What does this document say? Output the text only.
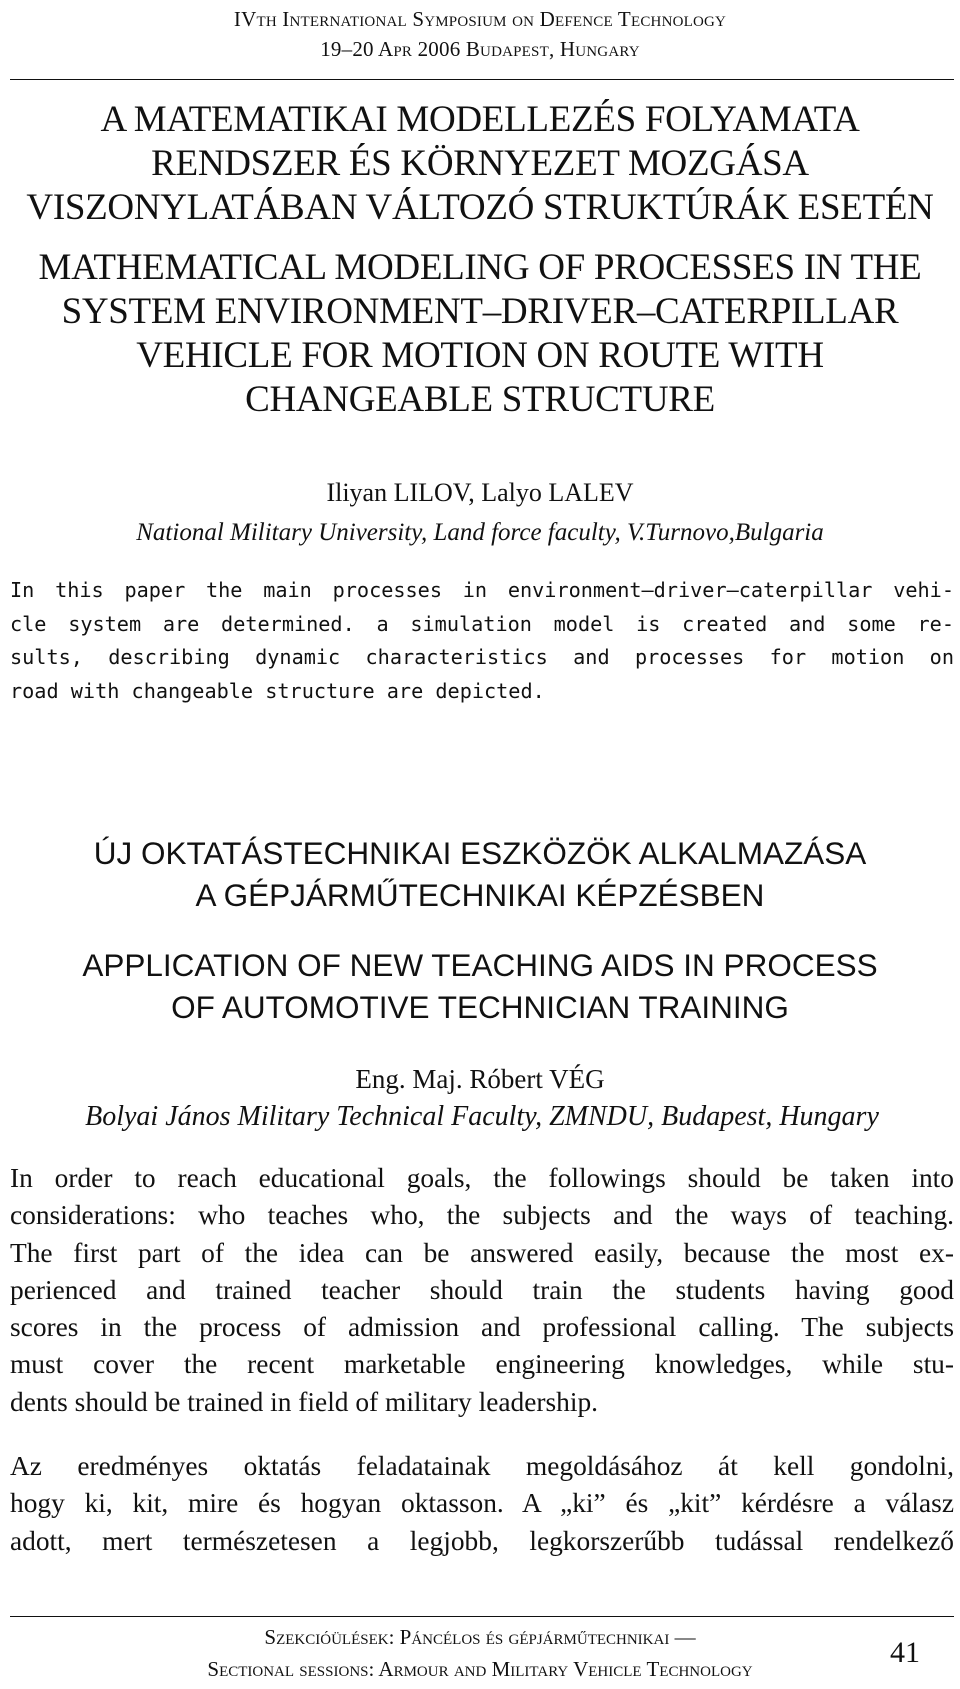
IVth International Symposium on Defence Technology
19–20 Apr 2006 Budapest, Hungary
A MATEMATIKAI MODELLEZÉS FOLYAMATA
RENDSZER ÉS KÖRNYEZET MOZGÁSA
VISZONYLATÁBAN VÁLTOZÓ STRUKTÚRÁK ESETÉN
MATHEMATICAL MODELING OF PROCESSES IN THE
SYSTEM ENVIRONMENT–DRIVER–CATERPILLAR
VEHICLE FOR MOTION ON ROUTE WITH
CHANGEABLE STRUCTURE
Iliyan LILOV, Lalyo LALEV
National Military University, Land force faculty, V.Turnovo,Bulgaria

In this paper the main processes in environment–driver–caterpillar vehi-
cle system are determined. a simulation model is created and some re-
sults, describing dynamic characteristics and processes for motion on
road with changeable structure are depicted.

ÚJ OKTATÁSTECHNIKAI ESZKÖZÖK ALKALMAZÁSA
A GÉPJÁRMŰTECHNIKAI KÉPZÉSBEN
APPLICATION OF NEW TEACHING AIDS IN PROCESS
OF AUTOMOTIVE TECHNICIAN TRAINING
Eng. Maj. Róbert VÉG
Bolyai János Military Technical Faculty, ZMNDU, Budapest, Hungary

In order to reach educational goals, the followings should be taken into
considerations: who teaches who, the subjects and the ways of teaching.
The first part of the idea can be answered easily, because the most ex-
perienced and trained teacher should train the students having good
scores in the process of admission and professional calling. The subjects
must cover the recent marketable engineering knowledges, while stu-
dents should be trained in field of military leadership.

Az eredményes oktatás feladatainak megoldásához át kell gondolni,
hogy ki, kit, mire és hogyan oktasson. A „ki” és „kit” kérdésre a válasz
adott, mert természetesen a legjobb, legkorszerűbb tudással rendelkező

Szekcióülések: Páncélos és gépjárműtechnikai —
Sectional sessions: Armour and Military Vehicle Technology	41
